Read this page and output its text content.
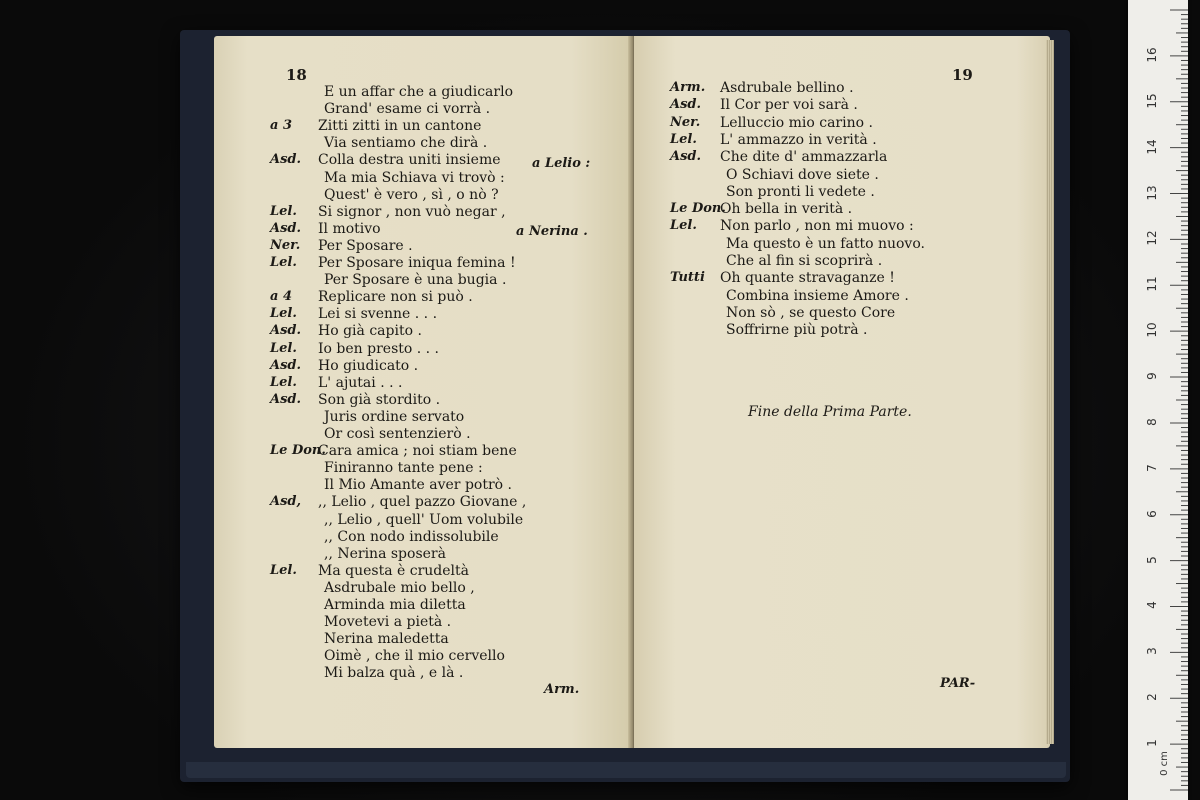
18
E un affar che a giudicarlo
Grand' esame ci vorrà .
a 3 Zitti zitti in un cantone
Via sentiamo che dirà .
Asd. Colla destra uniti insieme
Ma mia Schiava vi trovò :
Quest' è vero , sì , o nò ?
Lel. Si signor , non vuò negar ,
Asd. Il motivo
Ner. Per Sposare .
Lel. Per Sposare iniqua femina !
Per Sposare è una bugia .
a 4 Replicare non si può .
Lel. Lei si svenne . . .
Asd. Ho già capito .
Lel. Io ben presto . . .
Asd. Ho giudicato .
Lel. L' ajutai . . .
Asd. Son già stordito .
Juris ordine servato
Or così sentenzierò .
Le Don.
Cara amica ; noi stiam bene
Finiranno tante pene :
Il Mio Amante aver potrò .
Asd, ,, Lelio , quel pazzo Giovane ,
,, Lelio , quell' Uom volubile
,, Con nodo indissolubile
,, Nerina sposerà
Lel. Ma questa è crudeltà
Asdrubale mio bello ,
Arminda mia diletta
Movetevi a pietà .
Nerina maledetta
Oimè , che il mio cervello
Mi balza quà , e là .
a Lelio :
a Nerina .
Arm.
19
Arm. Asdrubale bellino .
Asd. Il Cor per voi sarà .
Ner. Lelluccio mio carino .
Lel. L' ammazzo in verità .
Asd. Che dite d' ammazzarla
O Schiavi dove siete .
Son pronti li vedete .
Le Don.
Oh bella in verità .
Lel. Non parlo , non mi muovo :
Ma questo è un fatto nuovo.
Che al fin si scoprirà .
Tutti Oh quante stravaganze !
Combina insieme Amore .
Non sò , se questo Core
Soffrirne più potrà .
Fine della Prima Parte.
PAR-
16
15
14
13
12
11
10
9
8
7
6
5
4
3
2
1
0 cm
